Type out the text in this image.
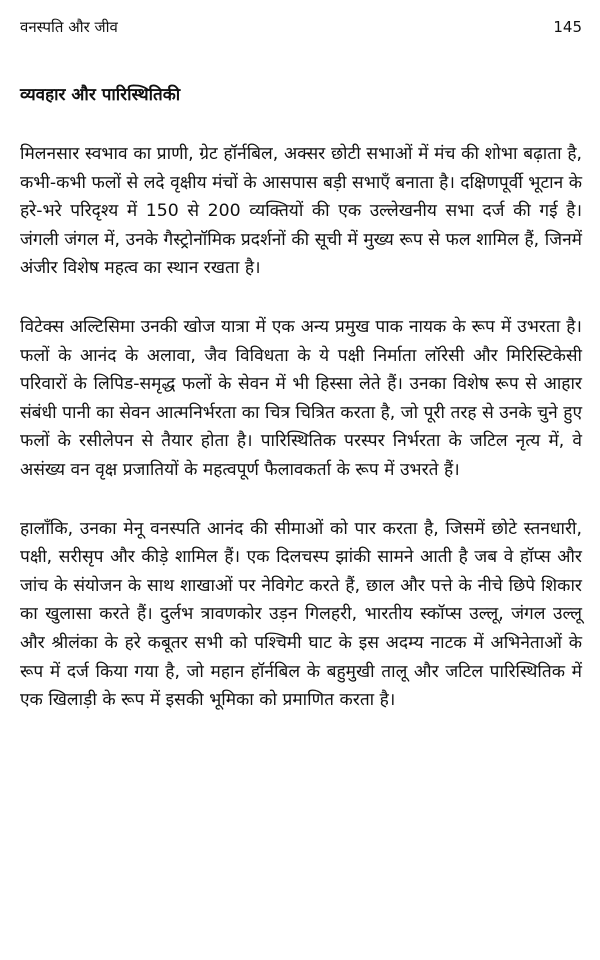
वनस्पति और जीव	145
व्यवहार और पारिस्थितिकी

मिलनसार स्वभाव का प्राणी, ग्रेट हॉर्नबिल, अक्सर छोटी सभाओं में मंच की शोभा बढ़ाता है, कभी-कभी फलों से लदे वृक्षीय मंचों के आसपास बड़ी सभाएँ बनाता है। दक्षिणपूर्वी भूटान के हरे-भरे परिदृश्य में 150 से 200 व्यक्तियों की एक उल्लेखनीय सभा दर्ज की गई है। जंगली जंगल में, उनके गैस्ट्रोनॉमिक प्रदर्शनों की सूची में मुख्य रूप से फल शामिल हैं, जिनमें अंजीर विशेष महत्व का स्थान रखता है।

विटेक्स अल्टिसिमा उनकी खोज यात्रा में एक अन्य प्रमुख पाक नायक के रूप में उभरता है। फलों के आनंद के अलावा, जैव विविधता के ये पक्षी निर्माता लॉरेसी और मिरिस्टिकेसी परिवारों के लिपिड-समृद्ध फलों के सेवन में भी हिस्सा लेते हैं। उनका विशेष रूप से आहार संबंधी पानी का सेवन आत्मनिर्भरता का चित्र चित्रित करता है, जो पूरी तरह से उनके चुने हुए फलों के रसीलेपन से तैयार होता है। पारिस्थितिक परस्पर निर्भरता के जटिल नृत्य में, वे असंख्य वन वृक्ष प्रजातियों के महत्वपूर्ण फैलावकर्ता के रूप में उभरते हैं।

हालाँकि, उनका मेनू वनस्पति आनंद की सीमाओं को पार करता है, जिसमें छोटे स्तनधारी, पक्षी, सरीसृप और कीड़े शामिल हैं। एक दिलचस्प झांकी सामने आती है जब वे हॉप्स और जांच के संयोजन के साथ शाखाओं पर नेविगेट करते हैं, छाल और पत्ते के नीचे छिपे शिकार का खुलासा करते हैं। दुर्लभ त्रावणकोर उड़न गिलहरी, भारतीय स्कॉप्स उल्लू, जंगल उल्लू और श्रीलंका के हरे कबूतर सभी को पश्चिमी घाट के इस अदम्य नाटक में अभिनेताओं के रूप में दर्ज किया गया है, जो महान हॉर्नबिल के बहुमुखी तालू और जटिल पारिस्थितिक में एक खिलाड़ी के रूप में इसकी भूमिका को प्रमाणित करता है।
